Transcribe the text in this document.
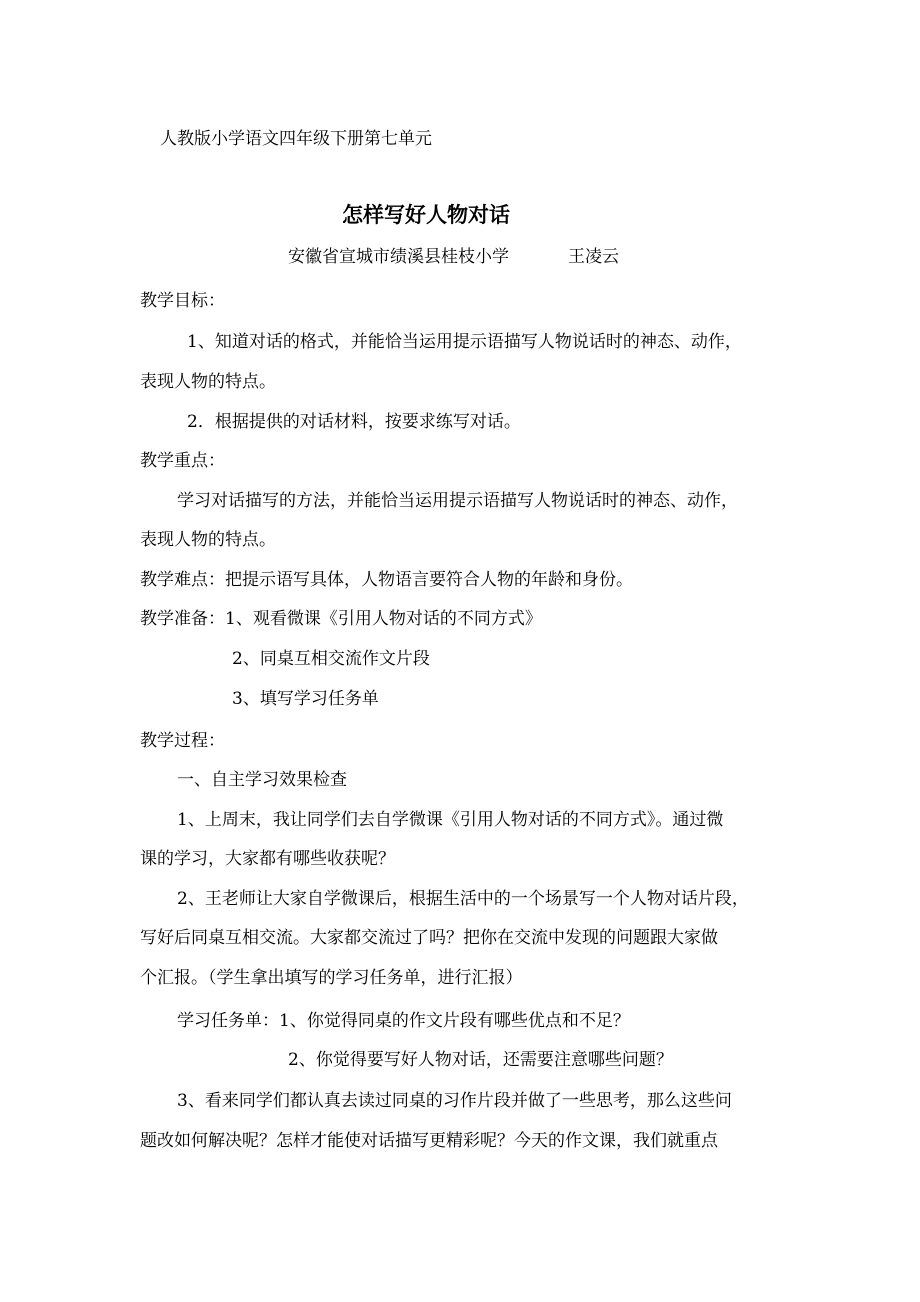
人教版小学语文四年级下册第七单元
怎样写好人物对话
安徽省宣城市绩溪县桂枝小学	王凌云
教学目标：
1、知道对话的格式，并能恰当运用提示语描写人物说话时的神态、动作，
表现人物的特点。
2．根据提供的对话材料，按要求练写对话。
教学重点：
学习对话描写的方法，并能恰当运用提示语描写人物说话时的神态、动作，
表现人物的特点。
教学难点：把提示语写具体，人物语言要符合人物的年龄和身份。
教学准备：1、观看微课《引用人物对话的不同方式》
2、同桌互相交流作文片段
3、填写学习任务单
教学过程：
一、自主学习效果检查
1、上周末，我让同学们去自学微课《引用人物对话的不同方式》。通过微
课的学习，大家都有哪些收获呢？
2、王老师让大家自学微课后，根据生活中的一个场景写一个人物对话片段，
写好后同桌互相交流。大家都交流过了吗？把你在交流中发现的问题跟大家做
个汇报。（学生拿出填写的学习任务单，进行汇报）
学习任务单：1、你觉得同桌的作文片段有哪些优点和不足？
2、你觉得要写好人物对话，还需要注意哪些问题？
3、看来同学们都认真去读过同桌的习作片段并做了一些思考，那么这些问
题改如何解决呢？怎样才能使对话描写更精彩呢？今天的作文课，我们就重点
